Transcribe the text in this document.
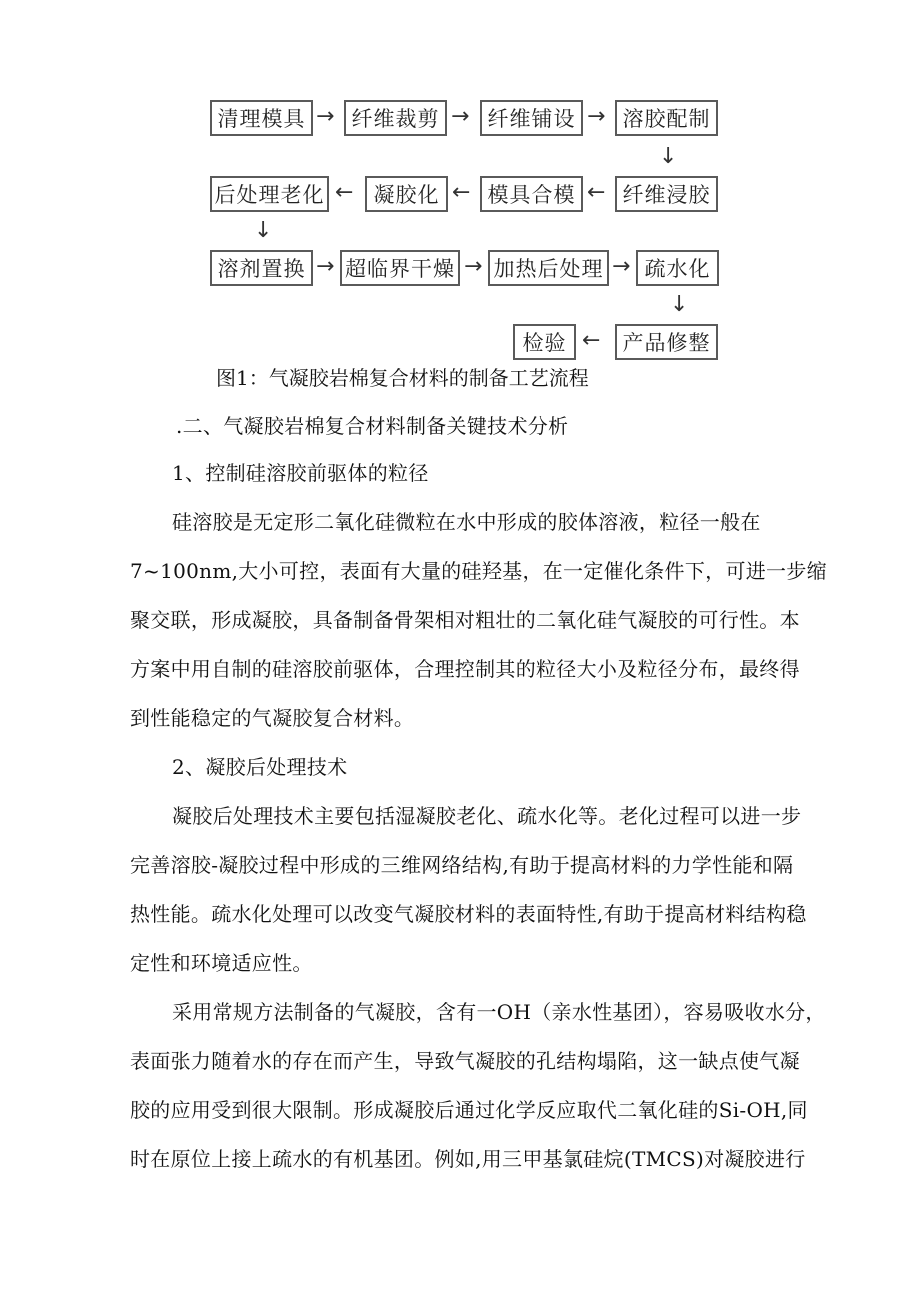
清理模具 → 纤维裁剪 → 纤维铺设 → 溶胶配制
↓
后处理老化 ← 凝胶化 ← 模具合模 ← 纤维浸胶
↓
溶剂置换 → 超临界干燥 → 加热后处理 → 疏水化
↓
检验 ←	产品修整
图1：气凝胶岩棉复合材料的制备工艺流程
.二、气凝胶岩棉复合材料制备关键技术分析
1、控制硅溶胶前驱体的粒径
硅溶胶是无定形二氧化硅微粒在水中形成的胶体溶液，粒径一般在
7~100nm,大小可控，表面有大量的硅羟基，在一定催化条件下，可进一步缩
聚交联，形成凝胶，具备制备骨架相对粗壮的二氧化硅气凝胶的可行性。本
方案中用自制的硅溶胶前驱体，合理控制其的粒径大小及粒径分布，最终得
到性能稳定的气凝胶复合材料。
2、凝胶后处理技术
凝胶后处理技术主要包括湿凝胶老化、疏水化等。老化过程可以进一步
完善溶胶-凝胶过程中形成的三维网络结构,有助于提高材料的力学性能和隔
热性能。疏水化处理可以改变气凝胶材料的表面特性,有助于提高材料结构稳
定性和环境适应性。
采用常规方法制备的气凝胶，含有一OH（亲水性基团），容易吸收水分，
表面张力随着水的存在而产生，导致气凝胶的孔结构塌陷，这一缺点使气凝
胶的应用受到很大限制。形成凝胶后通过化学反应取代二氧化硅的Si-OH,同
时在原位上接上疏水的有机基团。例如,用三甲基氯硅烷(TMCS)对凝胶进行
